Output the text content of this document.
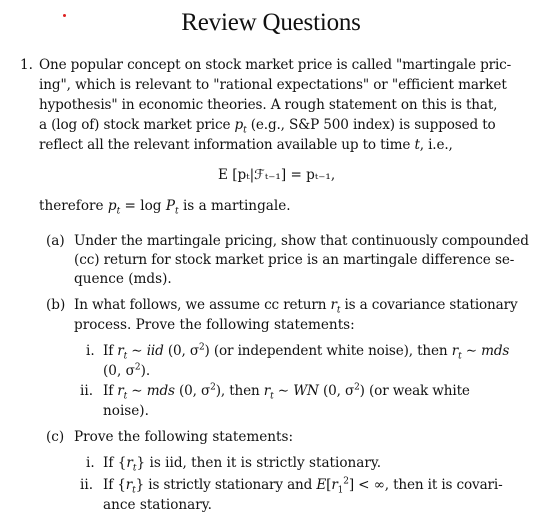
Review Questions
1. One popular concept on stock market price is called "martingale pric-
ing", which is relevant to "rational expectations" or "efficient market
hypothesis" in economic theories. A rough statement on this is that,
a (log of) stock market price $p_t$ (e.g., S&P 500 index) is supposed to
reflect all the relevant information available up to time t, i.e.,
E [pₜ|ℱₜ₋₁] = pₜ₋₁,
therefore $p_t = \log P_t$ is a martingale.
(a) Under the martingale pricing, show that continuously compounded
(cc) return for stock market price is an martingale difference se-
quence (mds).
(b) In what follows, we assume cc return $r_t$ is a covariance stationary
process. Prove the following statements:
i. If $r_t$ ∼ iid (0, $\sigma^2$) (or independent white noise), then $r_t$ ∼ mds
(0, $\sigma^2$).
ii. If $r_t$ ∼ mds (0, $\sigma^2$), then $r_t$ ∼ WN (0, $\sigma^2$) (or weak white
noise).
(c) Prove the following statements:
i. If $\{r_t\}$ is iid, then it is strictly stationary.
ii. If $\{r_t\}$ is strictly stationary and $E[r_1^2]$ < ∞, then it is covari-
ance stationary.
